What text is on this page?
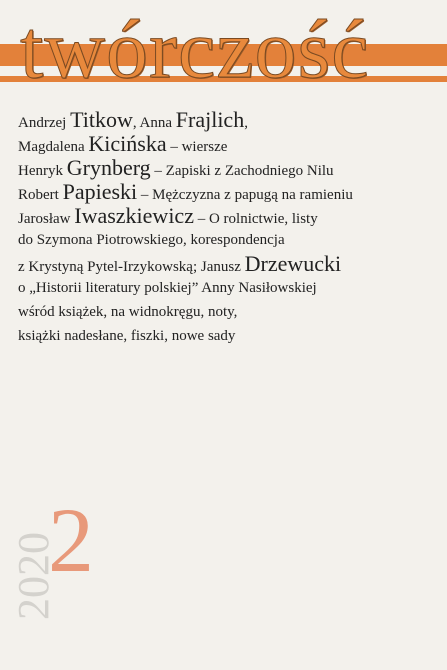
twórczość
Andrzej Titkow, Anna Frajlich,
Magdalena Kicińska – wiersze
Henryk Grynberg – Zapiski z Zachodniego Nilu
Robert Papieski – Mężczyzna z papugą na ramieniu
Jarosław Iwaszkiewicz – O rolnictwie, listy
do Szymona Piotrowskiego, korespondencja
z Krystyną Pytel-Irzykowską; Janusz Drzewucki
o „Historii literatury polskiej” Anny Nasiłowskiej
wśród książek, na widnokręgu, noty,
książki nadesłane, fiszki, nowe sady
2020
2
